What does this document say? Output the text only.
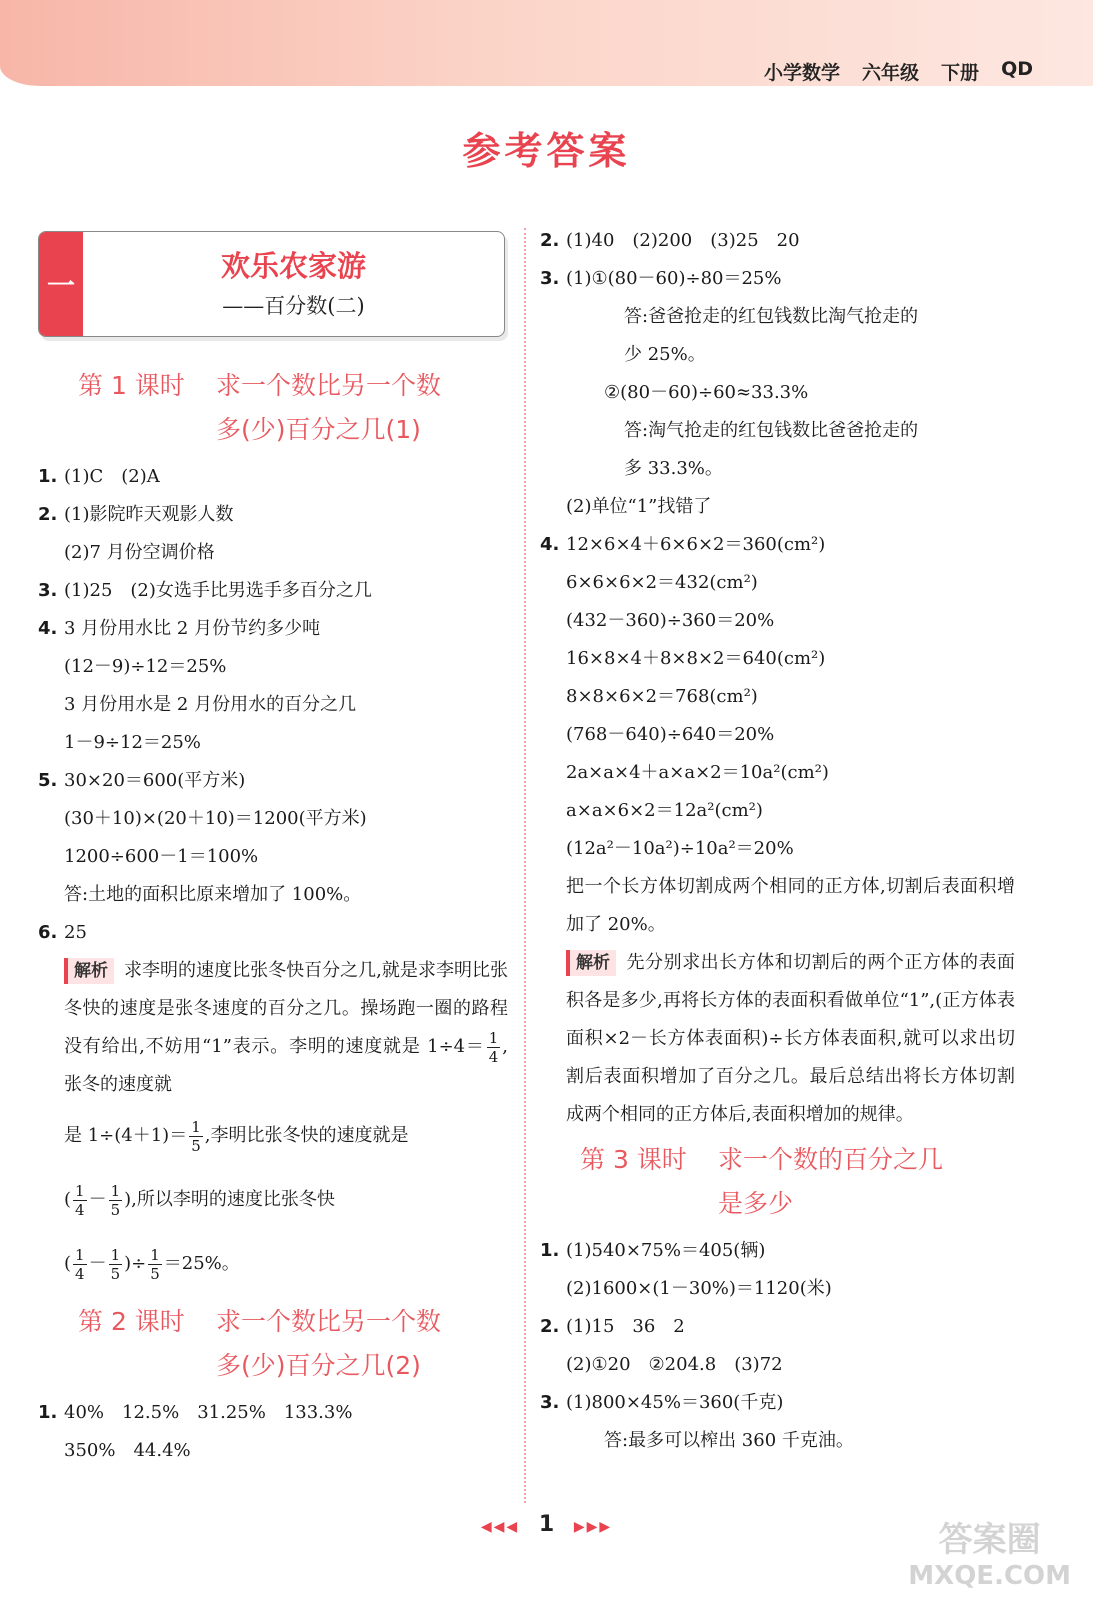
小学数学 六年级 下册 QD
参考答案
一
欢乐农家游
——百分数(二)
第 1 课时	求一个数比另一个数
多(少)百分之几(1)
1. (1)C　(2)A
2. (1)影院昨天观影人数
(2)7 月份空调价格
3. (1)25　(2)女选手比男选手多百分之几
4. 3 月份用水比 2 月份节约多少吨
(12－9)÷12＝25%
3 月份用水是 2 月份用水的百分之几
1－9÷12＝25%
5. 30×20＝600(平方米)
(30＋10)×(20＋10)＝1200(平方米)
1200÷600－1＝100%
答:土地的面积比原来增加了 100%。
6. 25
解析 求李明的速度比张冬快百分之几,就是求李明比张冬快的速度是张冬速度的百分之几。操场跑一圈的路程没有给出,不妨用“1”表示。李明的速度就是 $1\div 4= \frac{1}{4}$ ,张冬的速度就
是 $1\div(4+1)= \frac{1}{5}$ ,李明比张冬快的速度就是
( $\frac{1}{4} - \frac{1}{5}$ ),所以李明的速度比张冬快
( $\frac{1}{4} - \frac{1}{5}$ )÷ $\frac{1}{5} =25\%$。
第 2 课时	求一个数比另一个数
多(少)百分之几(2)
1. 40%　12.5%　31.25%　133.3%
350%　44.4%
2. (1)40　(2)200　(3)25　20
3. (1)①(80－60)÷80＝25%
答:爸爸抢走的红包钱数比淘气抢走的
少 25%。
②(80－60)÷60≈33.3%
答:淘气抢走的红包钱数比爸爸抢走的
多 33.3%。
(2)单位“1”找错了
4. 12×6×4＋6×6×2＝360(cm²)
6×6×6×2＝432(cm²)
(432－360)÷360＝20%
16×8×4＋8×8×2＝640(cm²)
8×8×6×2＝768(cm²)
(768－640)÷640＝20%
2a×a×4＋a×a×2＝10a²(cm²)
a×a×6×2＝12a²(cm²)
(12a²－10a²)÷10a²＝20%
把一个长方体切割成两个相同的正方体,切割后表面积增加了 20%。
解析 先分别求出长方体和切割后的两个正方体的表面积各是多少,再将长方体的表面积看做单位“1”,(正方体表面积×2－长方体表面积)÷长方体表面积,就可以求出切割后表面积增加了百分之几。最后总结出将长方体切割成两个相同的正方体后,表面积增加的规律。
第 3 课时	求一个数的百分之几
是多少
1. (1)540×75%＝405(辆)
(2)1600×(1－30%)＝1120(米)
2. (1)15　36　2
(2)①20　②204.8　(3)72
3. (1)800×45%＝360(千克)
答:最多可以榨出 360 千克油。
◀◀◀ 1 ▶▶▶	答案圈
MXQE.COM
